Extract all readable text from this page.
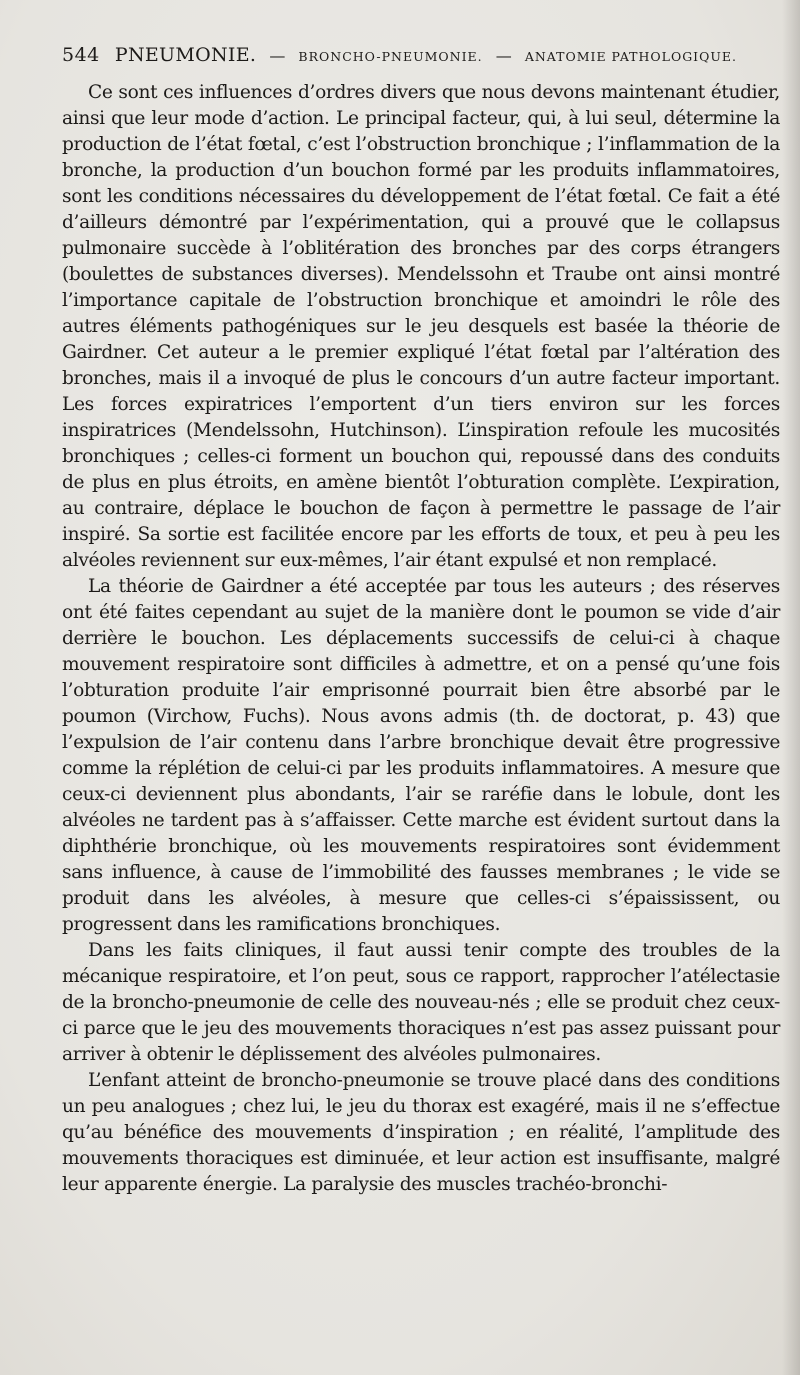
544 PNEUMONIE. — BRONCHO-PNEUMONIE. — ANATOMIE PATHOLOGIQUE.

Ce sont ces influences d’ordres divers que nous devons maintenant étudier, ainsi que leur mode d’action. Le principal facteur, qui, à lui seul, détermine la production de l’état fœtal, c’est l’obstruction bronchique ; l’inflammation de la bronche, la production d’un bouchon formé par les produits inflammatoires, sont les conditions nécessaires du développement de l’état fœtal. Ce fait a été d’ailleurs démontré par l’expérimentation, qui a prouvé que le collapsus pulmonaire succède à l’oblitération des bronches par des corps étrangers (boulettes de substances diverses). Mendelssohn et Traube ont ainsi montré l’importance capitale de l’obstruction bronchique et amoindri le rôle des autres éléments pathogéniques sur le jeu desquels est basée la théorie de Gairdner. Cet auteur a le premier expliqué l’état fœtal par l’altération des bronches, mais il a invoqué de plus le concours d’un autre facteur important. Les forces expiratrices l’emportent d’un tiers environ sur les forces inspiratrices (Mendelssohn, Hutchinson). L’inspiration refoule les mucosités bronchiques ; celles-ci forment un bouchon qui, repoussé dans des conduits de plus en plus étroits, en amène bientôt l’obturation complète. L’expiration, au contraire, déplace le bouchon de façon à permettre le passage de l’air inspiré. Sa sortie est facilitée encore par les efforts de toux, et peu à peu les alvéoles reviennent sur eux-mêmes, l’air étant expulsé et non remplacé.

La théorie de Gairdner a été acceptée par tous les auteurs ; des réserves ont été faites cependant au sujet de la manière dont le poumon se vide d’air derrière le bouchon. Les déplacements successifs de celui-ci à chaque mouvement respiratoire sont difficiles à admettre, et on a pensé qu’une fois l’obturation produite l’air emprisonné pourrait bien être absorbé par le poumon (Virchow, Fuchs). Nous avons admis (th. de doctorat, p. 43) que l’expulsion de l’air contenu dans l’arbre bronchique devait être progressive comme la réplétion de celui-ci par les produits inflammatoires. A mesure que ceux-ci deviennent plus abondants, l’air se raréfie dans le lobule, dont les alvéoles ne tardent pas à s’affaisser. Cette marche est évident surtout dans la diphthérie bronchique, où les mouvements respiratoires sont évidemment sans influence, à cause de l’immobilité des fausses membranes ; le vide se produit dans les alvéoles, à mesure que celles-ci s’épaississent, ou progressent dans les ramifications bronchiques.

Dans les faits cliniques, il faut aussi tenir compte des troubles de la mécanique respiratoire, et l’on peut, sous ce rapport, rapprocher l’atélectasie de la broncho-pneumonie de celle des nouveau-nés ; elle se produit chez ceux-ci parce que le jeu des mouvements thoraciques n’est pas assez puissant pour arriver à obtenir le déplissement des alvéoles pulmonaires.

L’enfant atteint de broncho-pneumonie se trouve placé dans des conditions un peu analogues ; chez lui, le jeu du thorax est exagéré, mais il ne s’effectue qu’au bénéfice des mouvements d’inspiration ; en réalité, l’amplitude des mouvements thoraciques est diminuée, et leur action est insuffisante, malgré leur apparente énergie. La paralysie des muscles trachéo-bronchi-
